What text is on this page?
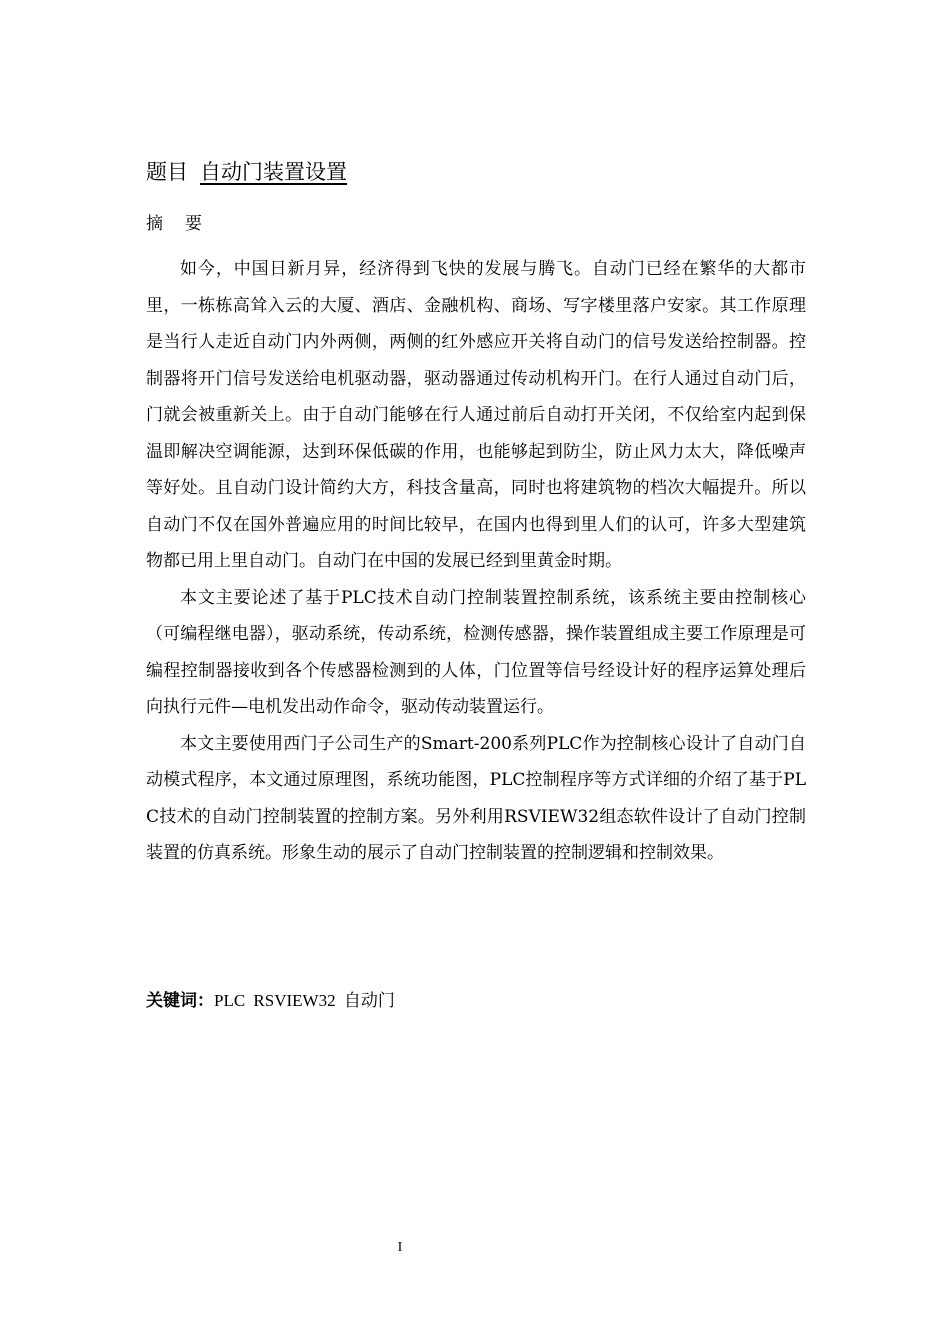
题目 自动门装置设置
摘要

如今，中国日新月异，经济得到飞快的发展与腾飞。自动门已经在繁华的大都市里，一栋栋高耸入云的大厦、酒店、金融机构、商场、写字楼里落户安家。其工作原理是当行人走近自动门内外两侧，两侧的红外感应开关将自动门的信号发送给控制器。控制器将开门信号发送给电机驱动器，驱动器通过传动机构开门。在行人通过自动门后，门就会被重新关上。由于自动门能够在行人通过前后自动打开关闭，不仅给室内起到保温即解决空调能源，达到环保低碳的作用，也能够起到防尘，防止风力太大，降低噪声等好处。且自动门设计简约大方，科技含量高，同时也将建筑物的档次大幅提升。所以自动门不仅在国外普遍应用的时间比较早，在国内也得到里人们的认可，许多大型建筑物都已用上里自动门。自动门在中国的发展已经到里黄金时期。

本文主要论述了基于PLC技术自动门控制装置控制系统，该系统主要由控制核心（可编程继电器），驱动系统，传动系统，检测传感器，操作装置组成主要工作原理是可编程控制器接收到各个传感器检测到的人体，门位置等信号经设计好的程序运算处理后向执行元件—电机发出动作命令，驱动传动装置运行。

本文主要使用西门子公司生产的Smart-200系列PLC作为控制核心设计了自动门自动模式程序，本文通过原理图，系统功能图，PLC控制程序等方式详细的介绍了基于PLC技术的自动门控制装置的控制方案。另外利用RSVIEW32组态软件设计了自动门控制装置的仿真系统。形象生动的展示了自动门控制装置的控制逻辑和控制效果。

关键词：PLC RSVIEW32 自动门
I
